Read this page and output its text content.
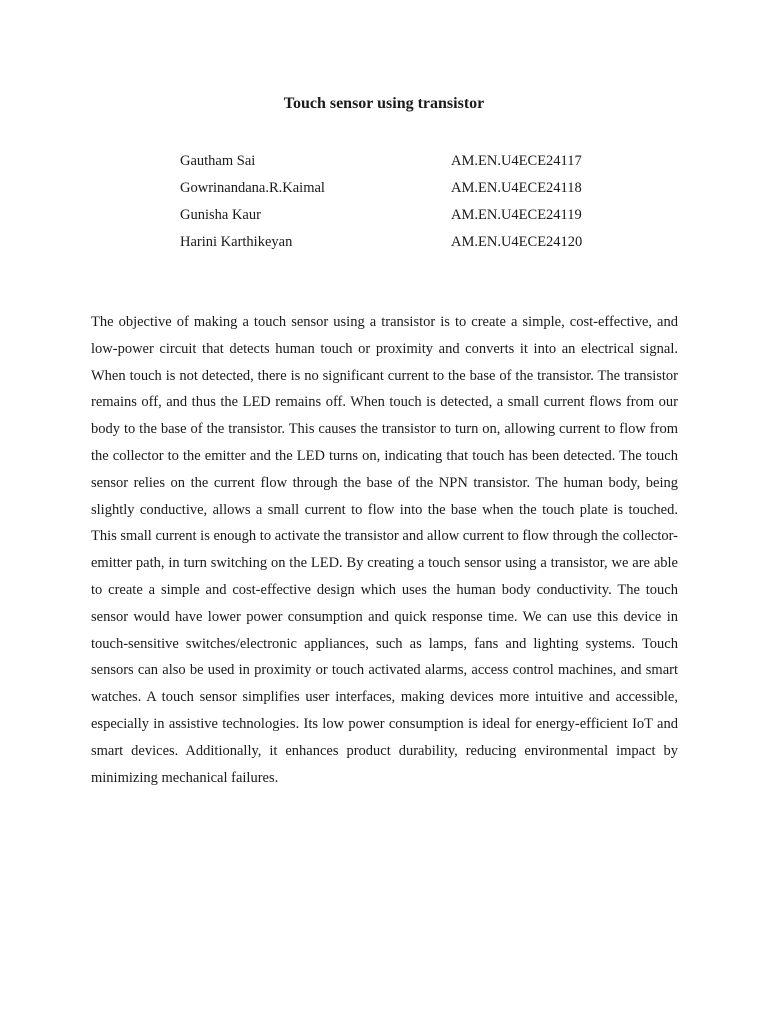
Touch sensor using transistor
Gautham Sai	AM.EN.U4ECE24117
Gowrinandana.R.Kaimal	AM.EN.U4ECE24118
Gunisha Kaur	AM.EN.U4ECE24119
Harini Karthikeyan	AM.EN.U4ECE24120

The objective of making a touch sensor using a transistor is to create a simple, cost-effective, and low-power circuit that detects human touch or proximity and converts it into an electrical signal. When touch is not detected, there is no significant current to the base of the transistor. The transistor remains off, and thus the LED remains off. When touch is detected, a small current flows from our body to the base of the transistor. This causes the transistor to turn on, allowing current to flow from the collector to the emitter and the LED turns on, indicating that touch has been detected. The touch sensor relies on the current flow through the base of the NPN transistor. The human body, being slightly conductive, allows a small current to flow into the base when the touch plate is touched. This small current is enough to activate the transistor and allow current to flow through the collector-emitter path, in turn switching on the LED. By creating a touch sensor using a transistor, we are able to create a simple and cost-effective design which uses the human body conductivity. The touch sensor would have lower power consumption and quick response time. We can use this device in touch-sensitive switches/electronic appliances, such as lamps, fans and lighting systems. Touch sensors can also be used in proximity or touch activated alarms, access control machines, and smart watches. A touch sensor simplifies user interfaces, making devices more intuitive and accessible, especially in assistive technologies. Its low power consumption is ideal for energy-efficient IoT and smart devices. Additionally, it enhances product durability, reducing environmental impact by minimizing mechanical failures.
